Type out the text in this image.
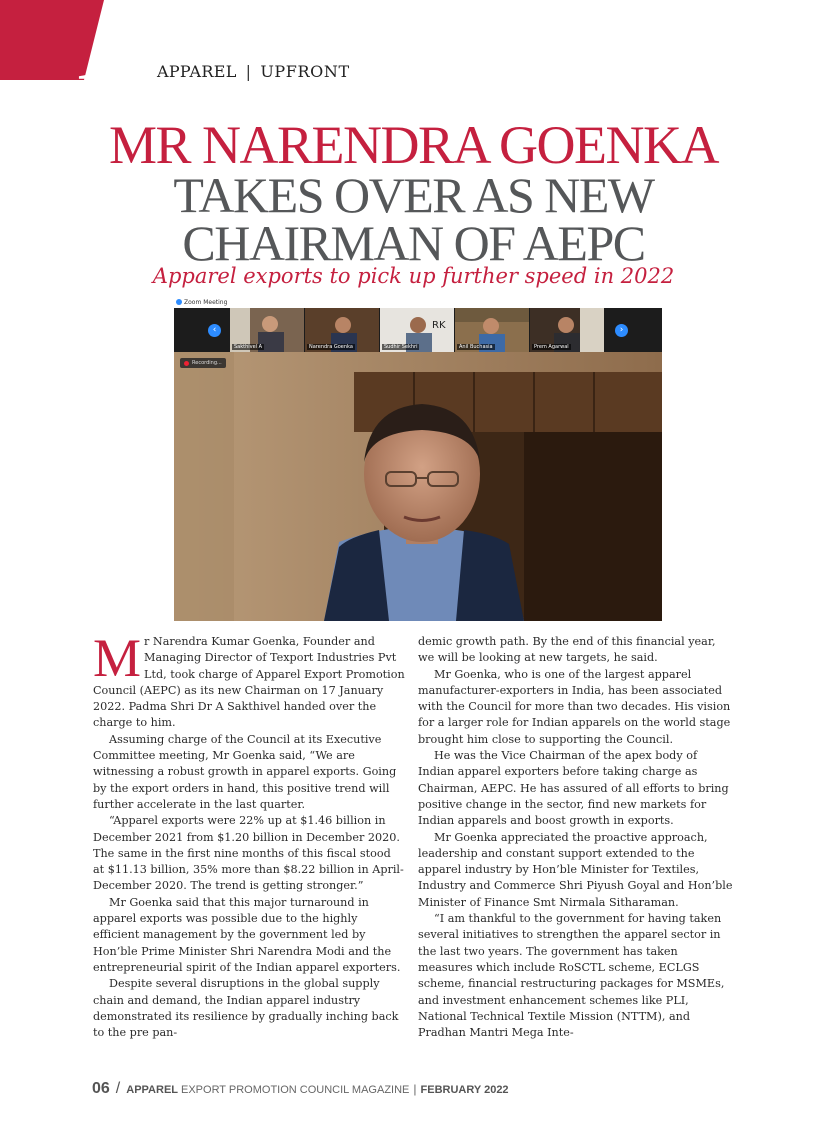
A APPAREL | UPFRONT
MR NARENDRA GOENKA
TAKES OVER AS NEW
CHAIRMAN OF AEPC
Apparel exports to pick up further speed in 2022
Zoom Meeting
Sakthivel A	Narendra Goenka
RK
Sudhir Sekhri	Anil Buchasia	Prem Agarwal
‹	›
Recording...

Mr Narendra Kumar Goenka, Founder and Managing Director of Texport Industries Pvt Ltd, took charge of Apparel Export Promotion Council (AEPC) as its new Chairman on 17 January 2022. Padma Shri Dr A Sakthivel handed over the charge to him.

Assuming charge of the Council at its Executive Committee meeting, Mr Goenka said, “We are witnessing a robust growth in apparel exports. Going by the export orders in hand, this positive trend will further accelerate in the last quarter.

“Apparel exports were 22% up at $1.46 billion in December 2021 from $1.20 billion in December 2020. The same in the first nine months of this fiscal stood at $11.13 billion, 35% more than $8.22 billion in April-December 2020. The trend is getting stronger.”

Mr Goenka said that this major turnaround in apparel exports was possible due to the highly efficient management by the government led by Hon’ble Prime Minister Shri Narendra Modi and the entrepreneurial spirit of the Indian apparel exporters.

Despite several disruptions in the global supply chain and demand, the Indian apparel industry demonstrated its resilience by gradually inching back to the pre pan-

demic growth path. By the end of this financial year, we will be looking at new targets, he said.

Mr Goenka, who is one of the largest apparel manufacturer-exporters in India, has been associated with the Council for more than two decades. His vision for a larger role for Indian apparels on the world stage brought him close to supporting the Council.

He was the Vice Chairman of the apex body of Indian apparel exporters before taking charge as Chairman, AEPC. He has assured of all efforts to bring positive change in the sector, find new markets for Indian apparels and boost growth in exports.

Mr Goenka appreciated the proactive approach, leadership and constant support extended to the apparel industry by Hon’ble Minister for Textiles, Industry and Commerce Shri Piyush Goyal and Hon’ble Minister of Finance Smt Nirmala Sitharaman.

“I am thankful to the government for having taken several initiatives to strengthen the apparel sector in the last two years. The government has taken measures which include RoSCTL scheme, ECLGS scheme, financial restructuring packages for MSMEs, and investment enhancement schemes like PLI, National Technical Textile Mission (NTTM), and Pradhan Mantri Mega Inte-

06 / APPAREL EXPORT PROMOTION COUNCIL MAGAZINE | FEBRUARY 2022
